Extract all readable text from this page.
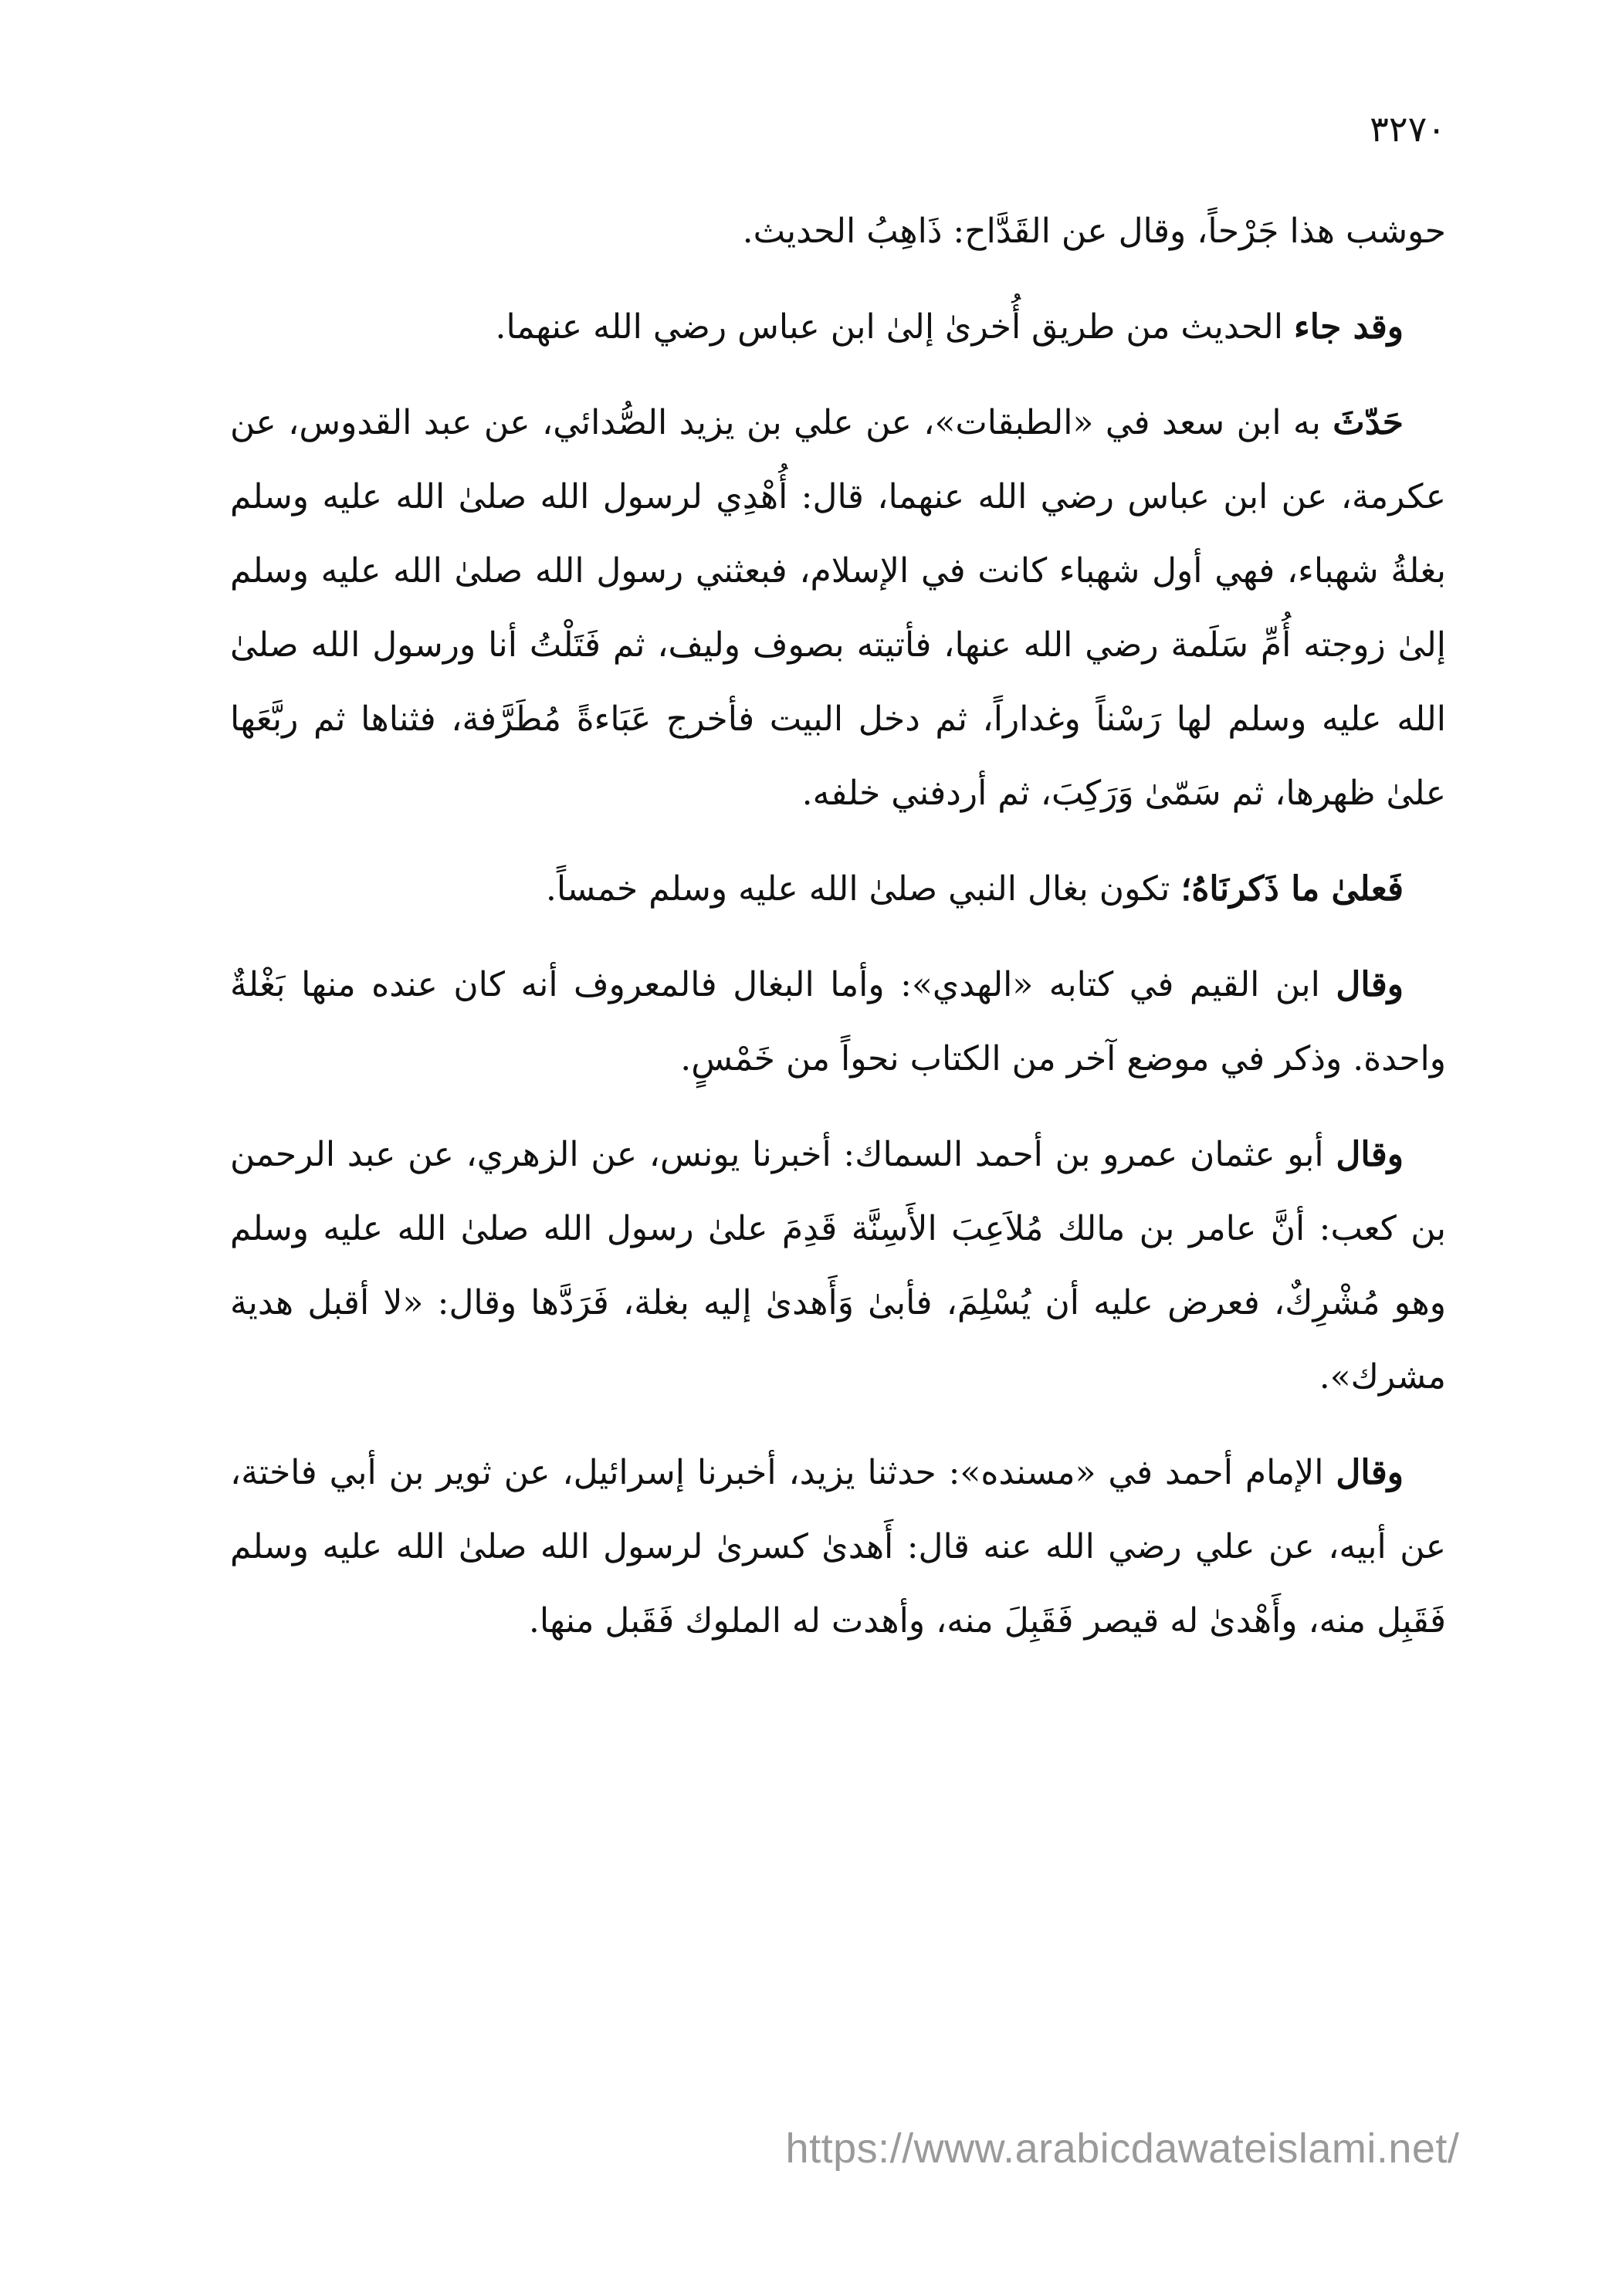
٣٢٧٠

حوشب هذا جَرْحاً، وقال عن القَدَّاح: ذَاهِبُ الحديث.

وقد جاء الحديث من طريق أُخرىٰ إلىٰ ابن عباس رضي الله عنهما.

حَدّثَ به ابن سعد في «الطبقات»، عن علي بن يزيد الصُّدائي، عن عبد القدوس، عن عكرمة، عن ابن عباس رضي الله عنهما، قال: أُهْدِي لرسول الله صلىٰ الله عليه وسلم بغلةُ شهباء، فهي أول شهباء كانت في الإسلام، فبعثني رسول الله صلىٰ الله عليه وسلم إلىٰ زوجته أُمِّ سَلَمة رضي الله عنها، فأتيته بصوف وليف، ثم فَتَلْتُ أنا ورسول الله صلىٰ الله عليه وسلم لها رَسْناً وغداراً، ثم دخل البيت فأخرج عَبَاءةً مُطَرَّفة، فثناها ثم ربَّعَها علىٰ ظهرها، ثم سَمّىٰ وَرَكِبَ، ثم أردفني خلفه.

فَعلىٰ ما ذَكرنَاهُ؛ تكون بغال النبي صلىٰ الله عليه وسلم خمساً.

وقال ابن القيم في كتابه «الهدي»: وأما البغال فالمعروف أنه كان عنده منها بَغْلةٌ واحدة. وذكر في موضع آخر من الكتاب نحواً من خَمْسٍ.

وقال أبو عثمان عمرو بن أحمد السماك: أخبرنا يونس، عن الزهري، عن عبد الرحمن بن كعب: أنَّ عامر بن مالك مُلاَعِبَ الأَسِنَّة قَدِمَ علىٰ رسول الله صلىٰ الله عليه وسلم وهو مُشْرِكٌ، فعرض عليه أن يُسْلِمَ، فأبىٰ وَأَهدىٰ إليه بغلة، فَرَدَّها وقال: «لا أقبل هدية مشرك».

وقال الإمام أحمد في «مسنده»: حدثنا يزيد، أخبرنا إسرائيل، عن ثوير بن أبي فاختة، عن أبيه، عن علي رضي الله عنه قال: أَهدىٰ كسرىٰ لرسول الله صلىٰ الله عليه وسلم فَقَبِل منه، وأَهْدىٰ له قيصر فَقَبِلَ منه، وأهدت له الملوك فَقَبل منها.

https://www.arabicdawateislami.net/
